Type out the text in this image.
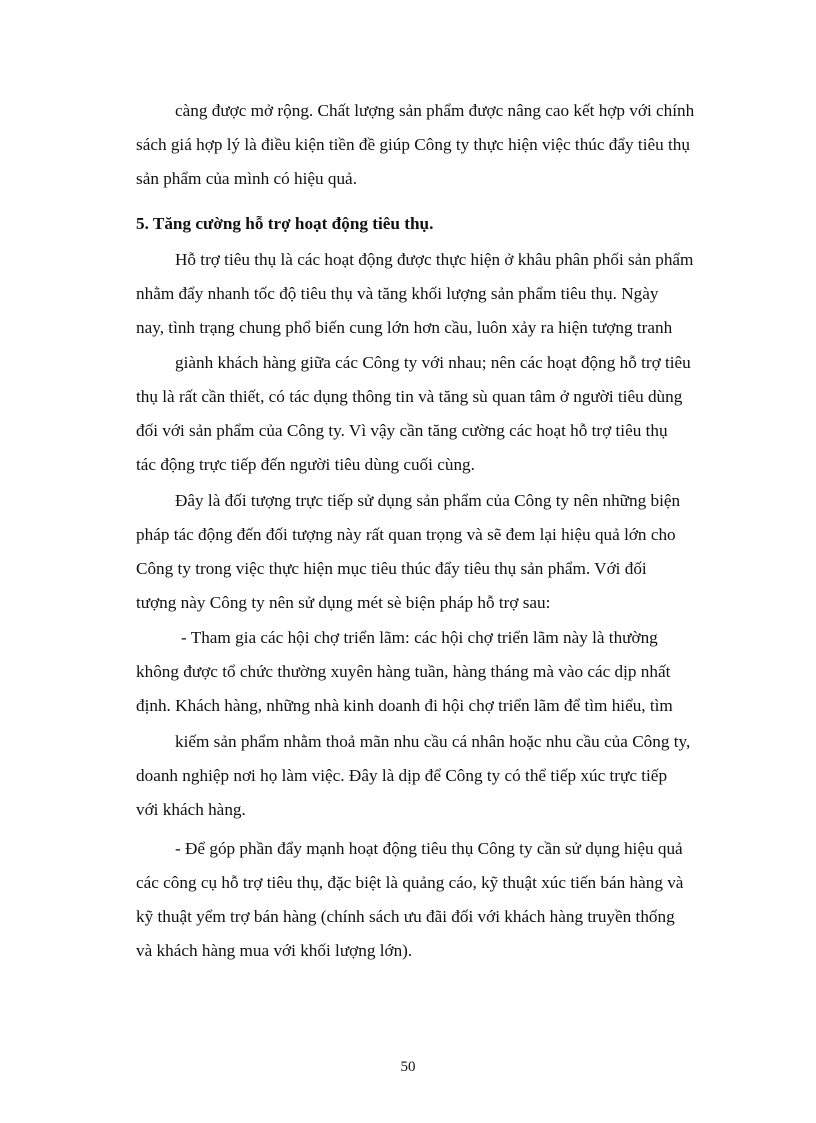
càng được mở rộng. Chất lượng sản phẩm được nâng cao kết hợp với chính
sách giá hợp lý là điều kiện tiền đề giúp Công ty thực hiện việc thúc đẩy tiêu thụ
sản phẩm của mình có hiệu quả.
5. Tăng cường hỗ trợ hoạt động tiêu thụ.
Hỗ trợ tiêu thụ là các hoạt động được thực hiện ở khâu phân phối sản phẩm
nhằm đẩy nhanh tốc độ tiêu thụ và tăng khối lượng sản phẩm tiêu thụ. Ngày
nay, tình trạng chung phổ biến cung lớn hơn cầu, luôn xảy ra hiện tượng tranh
giành khách hàng giữa các Công ty với nhau; nên các hoạt động hỗ trợ tiêu
thụ là rất cần thiết, có tác dụng thông tin và tăng sù quan tâm ở người tiêu dùng
đối với sản phẩm của Công ty. Vì vậy cần tăng cường các hoạt hỗ trợ tiêu thụ
tác động trực tiếp đến người tiêu dùng cuối cùng.
Đây là đối tượng trực tiếp sử dụng sản phẩm của Công ty nên những biện
pháp tác động đến đối tượng này rất quan trọng và sẽ đem lại hiệu quả lớn cho
Công ty trong việc thực hiện mục tiêu thúc đẩy tiêu thụ sản phẩm. Với đối
tượng này Công ty nên sử dụng mét sè biện pháp hỗ trợ sau:
- Tham gia các hội chợ triển lãm: các hội chợ triển lãm này là thường
không được tổ chức thường xuyên hàng tuần, hàng tháng mà vào các dịp nhất
định. Khách hàng, những nhà kinh doanh đi hội chợ triển lãm để tìm hiểu, tìm
kiếm sản phẩm nhằm thoả mãn nhu cầu cá nhân hoặc nhu cầu của Công ty,
doanh nghiệp nơi họ làm việc. Đây là dịp để Công ty có thể tiếp xúc trực tiếp
với khách hàng.
- Để góp phần đẩy mạnh hoạt động tiêu thụ Công ty cần sử dụng hiệu quả
các công cụ hỗ trợ tiêu thụ, đặc biệt là quảng cáo, kỹ thuật xúc tiến bán hàng và
kỹ thuật yểm trợ bán hàng (chính sách ưu đãi đối với khách hàng truyền thống
và khách hàng mua với khối lượng lớn).
50
